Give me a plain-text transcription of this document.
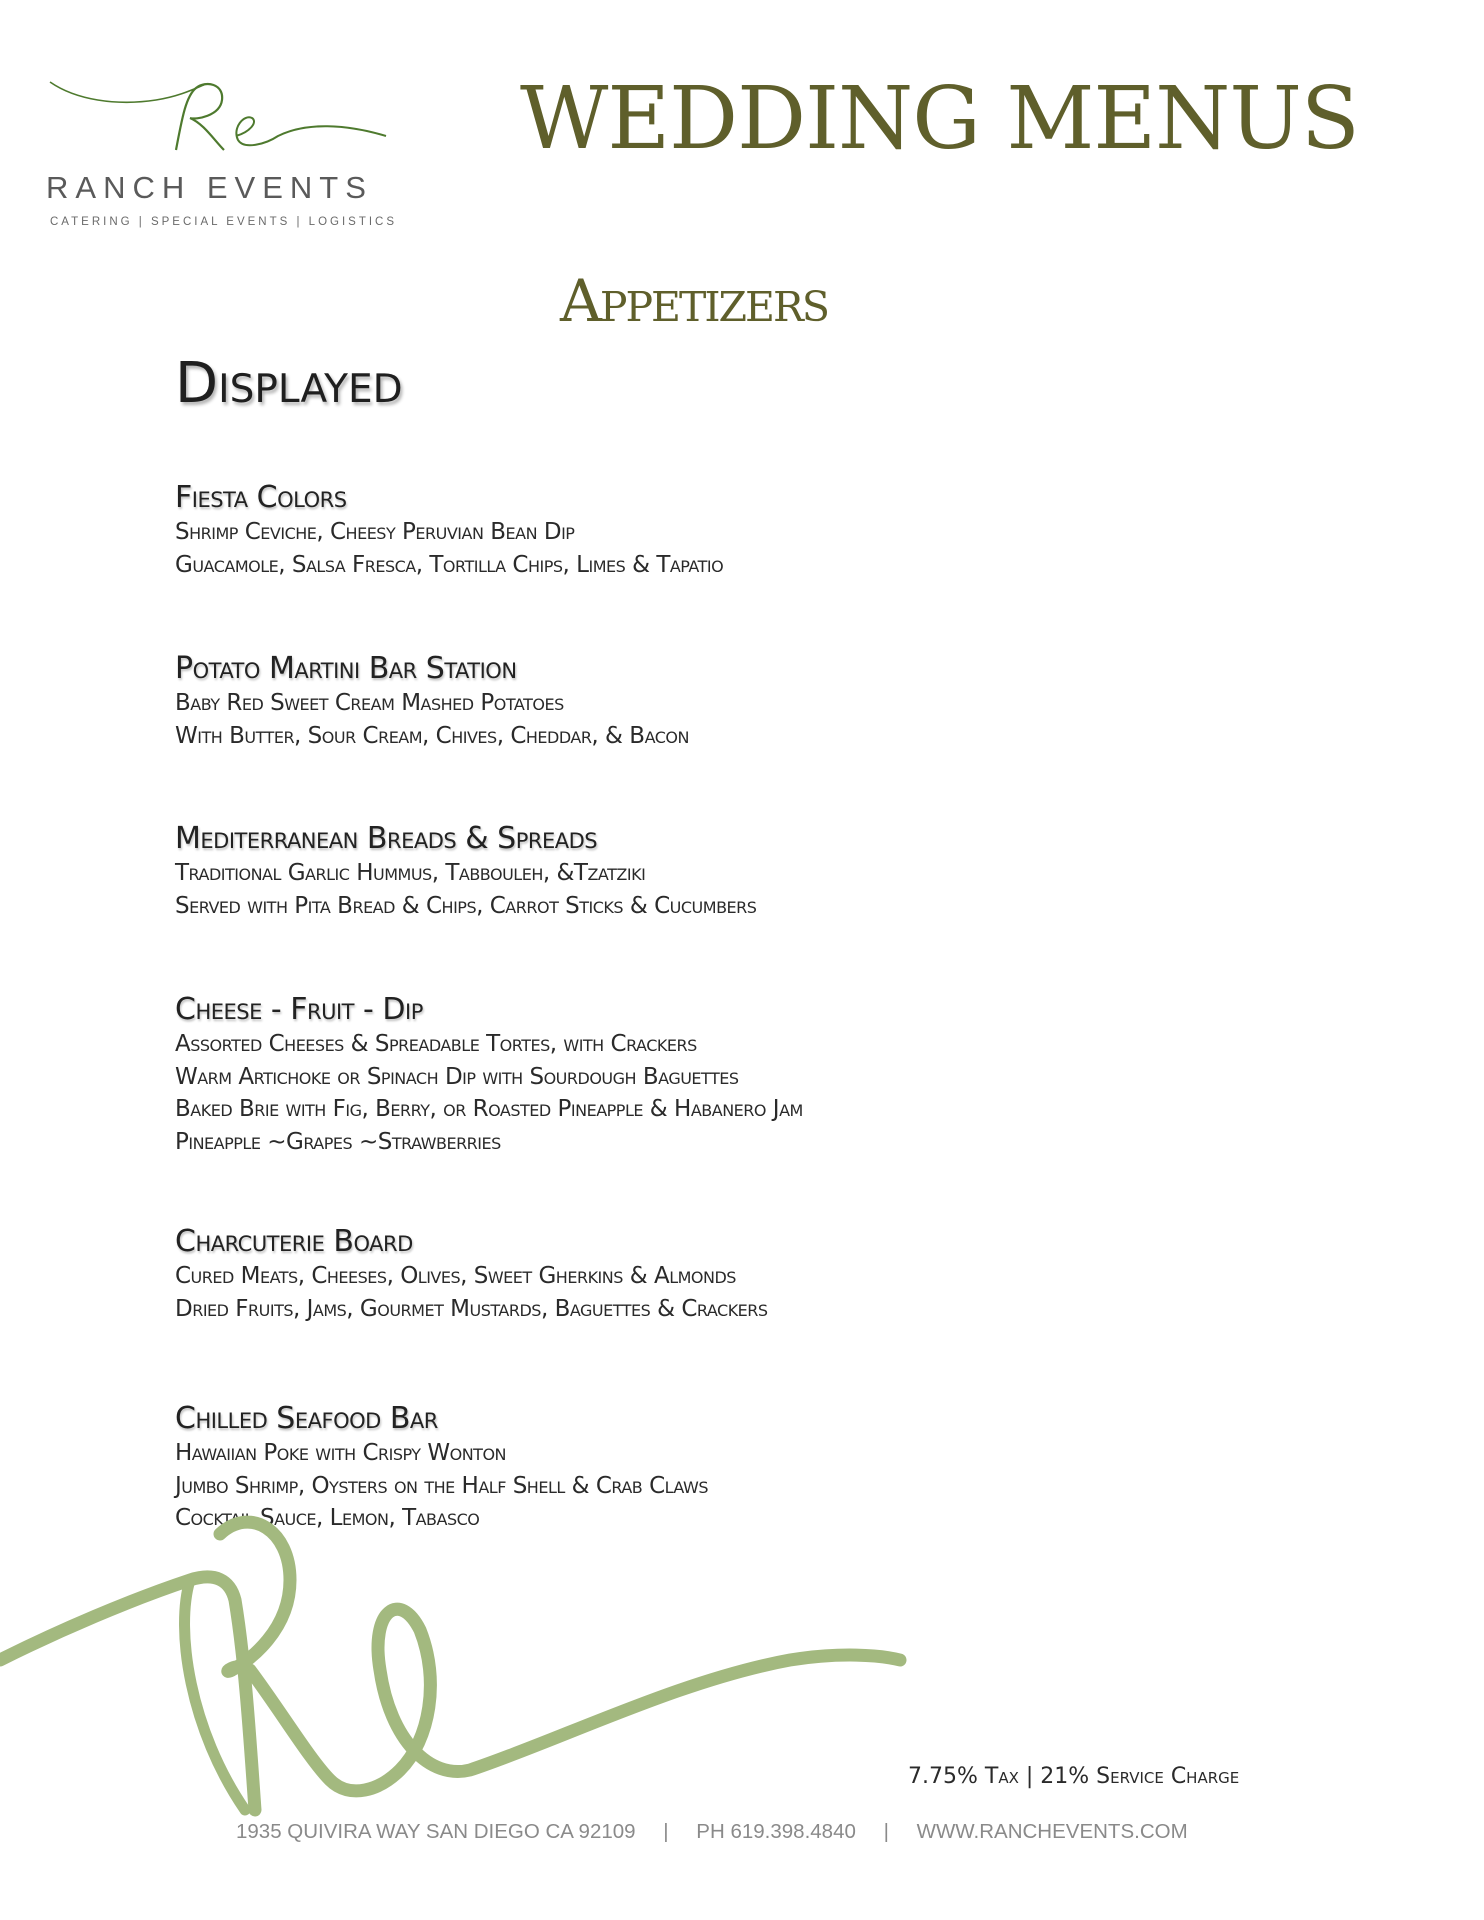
RANCH EVENTS
CATERING | SPECIAL EVENTS | LOGISTICS
WEDDING MENUS
Appetizers
Displayed
Fiesta Colors
Shrimp Ceviche, Cheesy Peruvian Bean Dip
Guacamole, Salsa Fresca, Tortilla Chips, Limes & Tapatio
Potato Martini Bar Station
Baby Red Sweet Cream Mashed Potatoes
With Butter, Sour Cream, Chives, Cheddar, & Bacon
Mediterranean Breads & Spreads
Traditional Garlic Hummus, Tabbouleh, &Tzatziki
Served with Pita Bread & Chips, Carrot Sticks & Cucumbers
Cheese - Fruit - Dip
Assorted Cheeses & Spreadable Tortes, with Crackers
Warm Artichoke or Spinach Dip with Sourdough Baguettes
Baked Brie with Fig, Berry, or Roasted Pineapple & Habanero Jam
Pineapple ~Grapes ~Strawberries
Charcuterie Board
Cured Meats, Cheeses, Olives, Sweet Gherkins & Almonds
Dried Fruits, Jams, Gourmet Mustards, Baguettes & Crackers
Chilled Seafood Bar
Hawaiian Poke with Crispy Wonton
Jumbo Shrimp, Oysters on the Half Shell & Crab Claws
Cocktail Sauce, Lemon, Tabasco
7.75% Tax | 21% Service Charge
1935 QUIVIRA WAY SAN DIEGO CA 92109 | PH 619.398.4840 | WWW.RANCHEVENTS.COM
